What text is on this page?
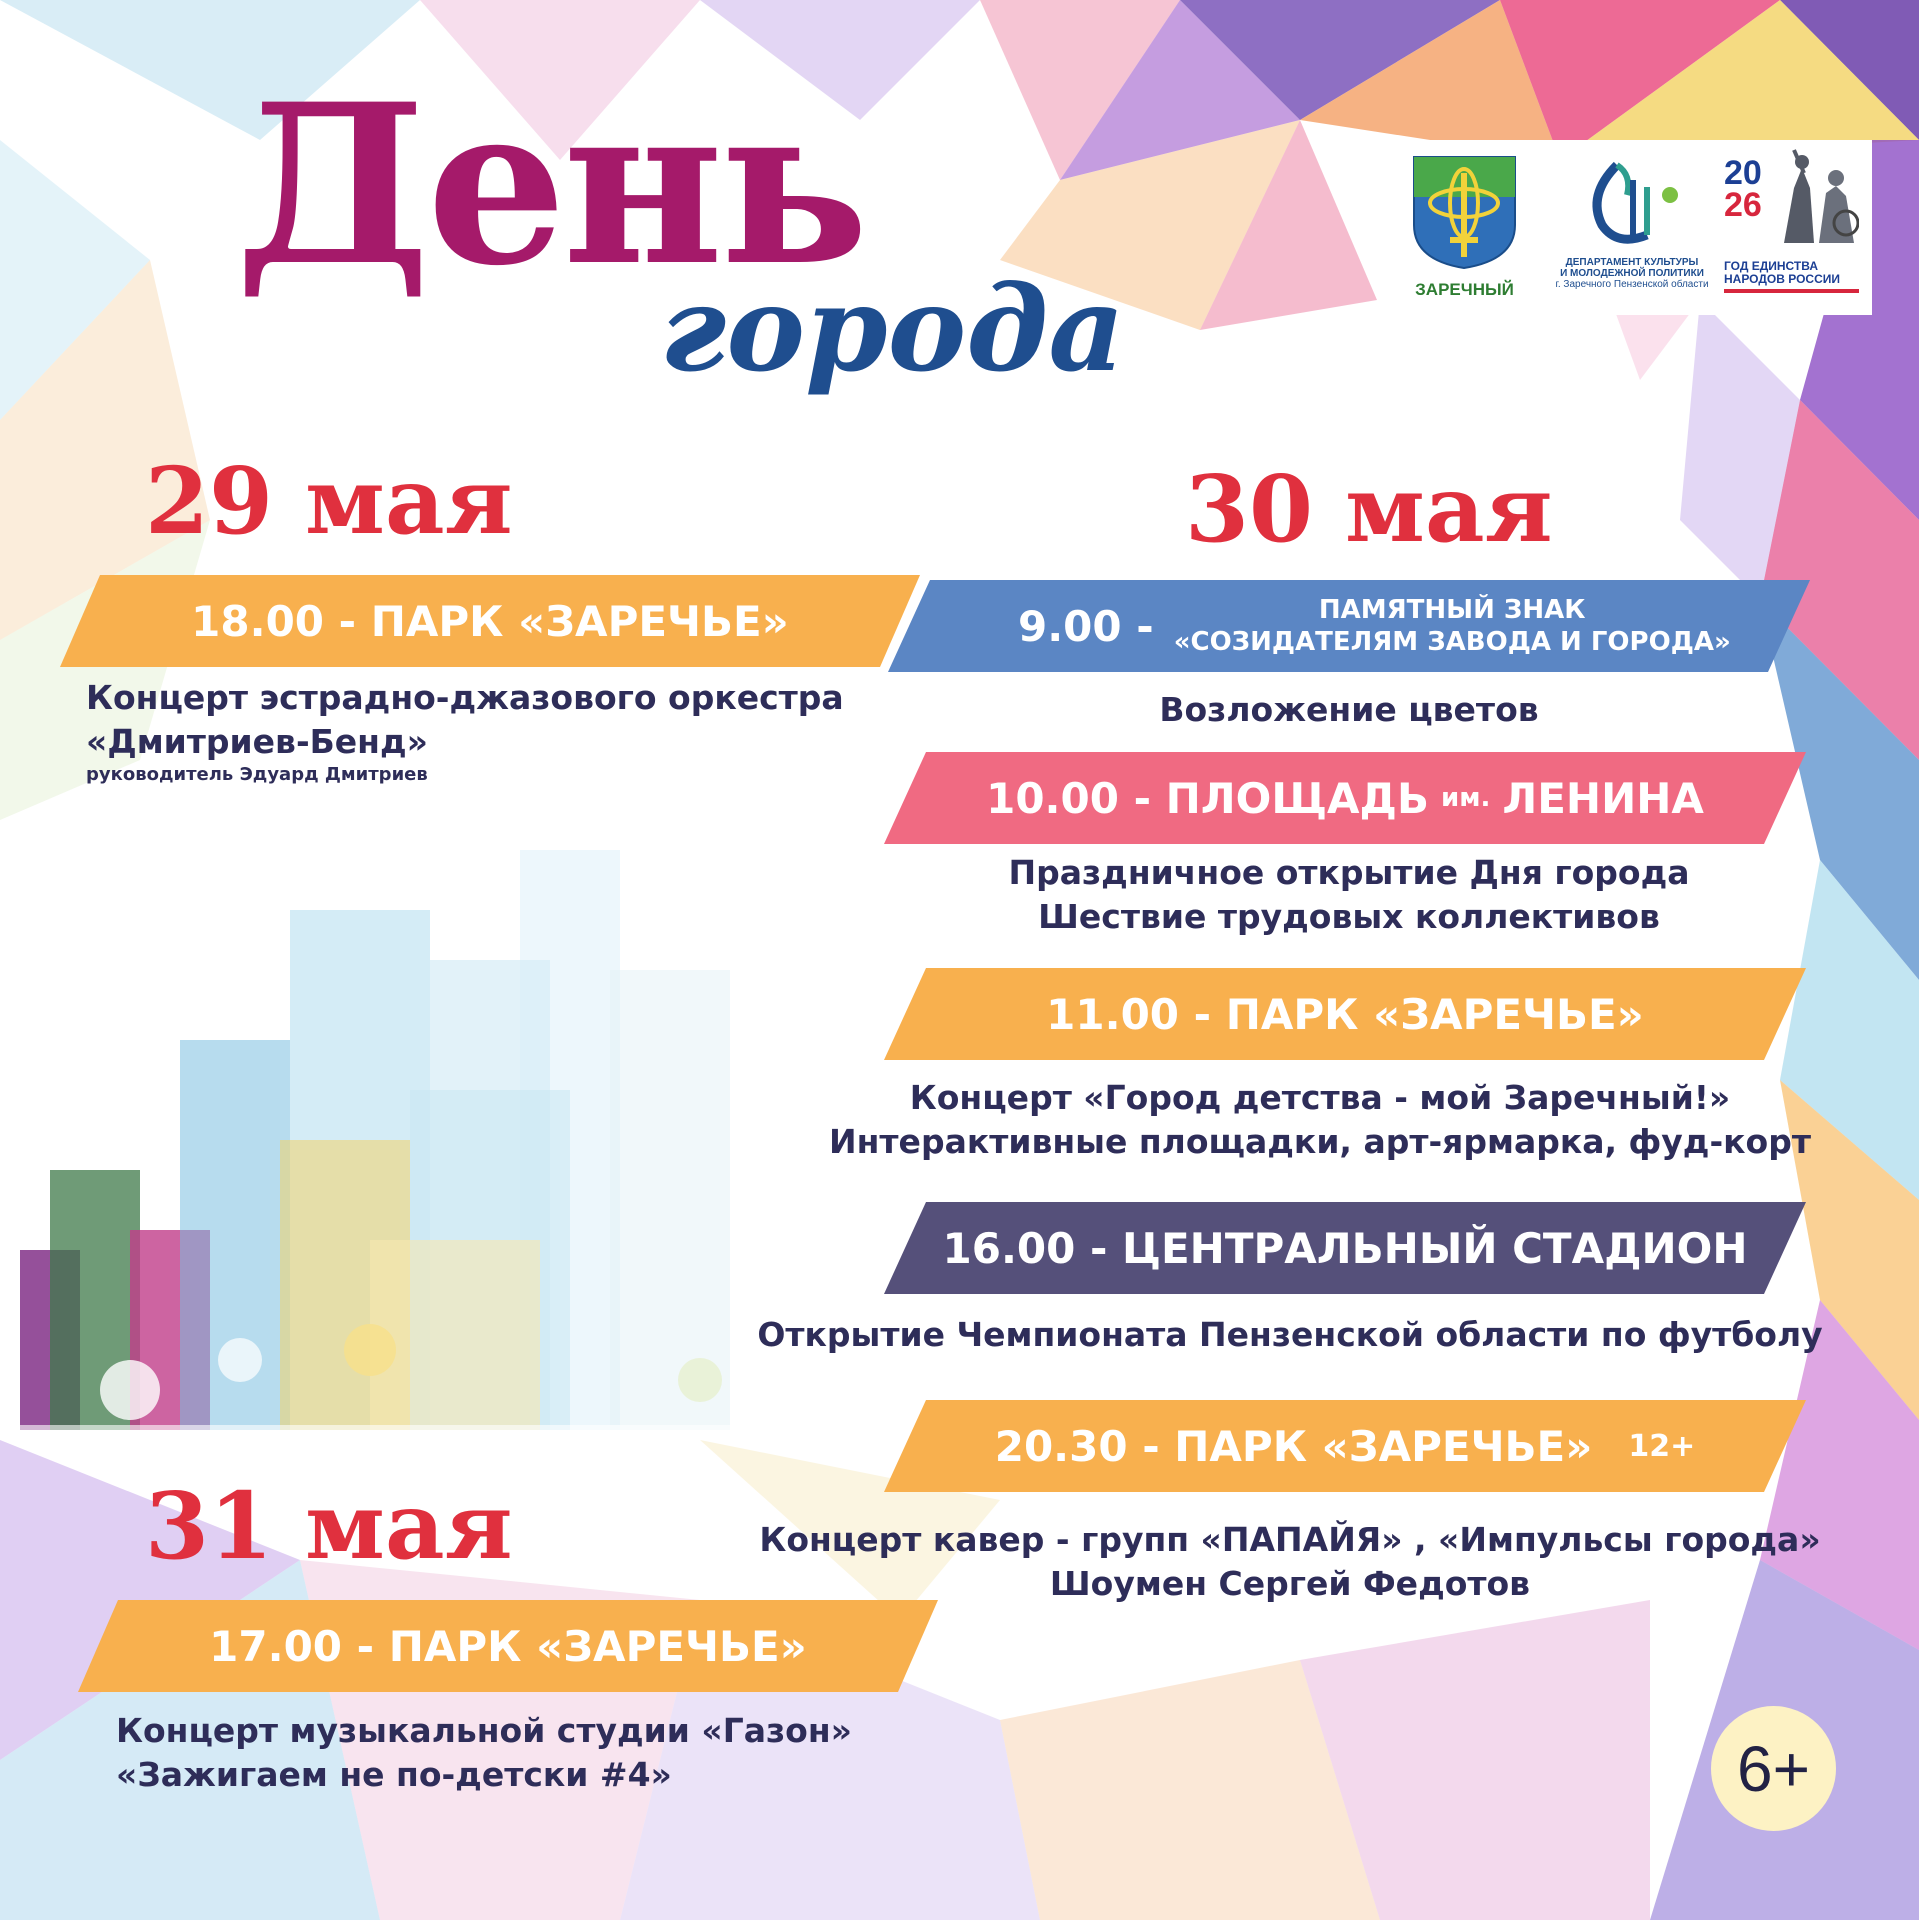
День
города	ЗАРЕЧНЫЙ
ДЕПАРТАМЕНТ КУЛЬТУРЫ
И МОЛОДЕЖНОЙ ПОЛИТИКИ
г. Заречного Пензенской области
20
26
ГОД ЕДИНСТВА
НАРОДОВ РОССИИ
29 мая
18.00 - ПАРК «ЗАРЕЧЬЕ»
Концерт эстрадно-джазового оркестра
«Дмитриев-Бенд»
руководитель Эдуард Дмитриев
30 мая
9.00 -	ПАМЯТНЫЙ ЗНАК
«СОЗИДАТЕЛЯМ ЗАВОДА И ГОРОДА»
Возложение цветов
10.00 - ПЛОЩАДЬ им. ЛЕНИНА
Праздничное открытие Дня города
Шествие трудовых коллективов
11.00 - ПАРК «ЗАРЕЧЬЕ»
Концерт «Город детства - мой Заречный!»
Интерактивные площадки, арт-ярмарка, фуд-корт
16.00 - ЦЕНТРАЛЬНЫЙ СТАДИОН
Открытие Чемпионата Пензенской области по футболу
20.30 - ПАРК «ЗАРЕЧЬЕ» 12+
Концерт кавер - групп «ПАПАЙЯ» , «Импульсы города»
Шоумен Сергей Федотов
31 мая
17.00 - ПАРК «ЗАРЕЧЬЕ»
Концерт музыкальной студии «Газон»
«Зажигаем не по-детски #4»	6+
